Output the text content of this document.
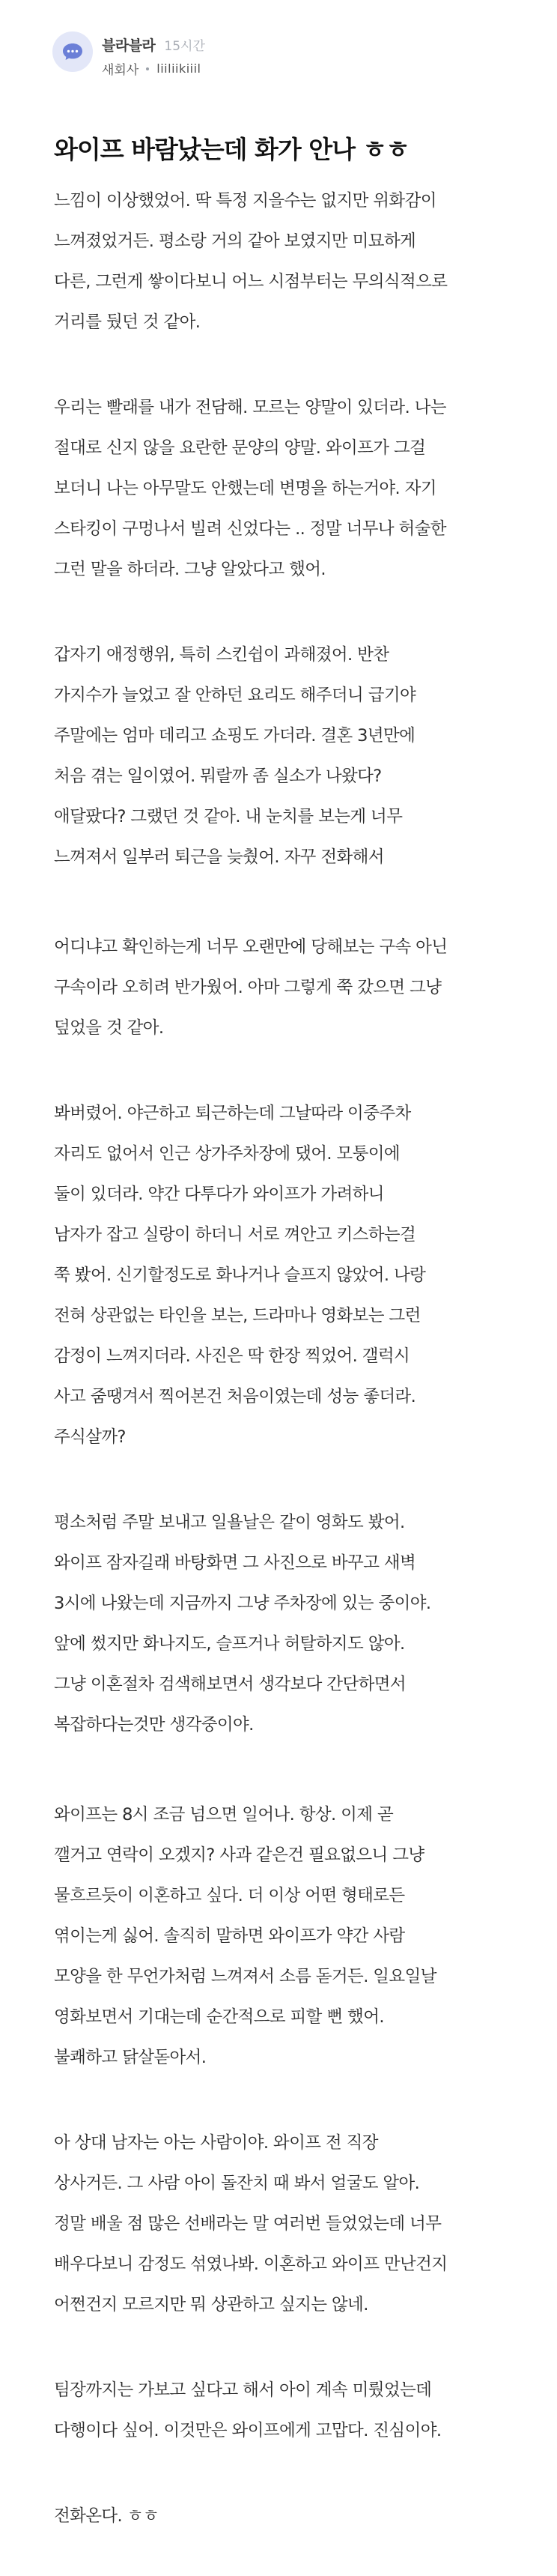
블라블라 15시간
새회사 liiliikiiil
와이프 바람났는데 화가 안나 ㅎㅎ
느낌이 이상했었어. 딱 특정 지을수는 없지만 위화감이
느껴졌었거든. 평소랑 거의 같아 보였지만 미묘하게
다른, 그런게 쌓이다보니 어느 시점부터는 무의식적으로
거리를 뒀던 것 같아.
우리는 빨래를 내가 전담해. 모르는 양말이 있더라. 나는
절대로 신지 않을 요란한 문양의 양말. 와이프가 그걸
보더니 나는 아무말도 안했는데 변명을 하는거야. 자기
스타킹이 구멍나서 빌려 신었다는 .. 정말 너무나 허술한
그런 말을 하더라. 그냥 알았다고 했어.
갑자기 애정행위, 특히 스킨쉽이 과해졌어. 반찬
가지수가 늘었고 잘 안하던 요리도 해주더니 급기야
주말에는 엄마 데리고 쇼핑도 가더라. 결혼 3년만에
처음 겪는 일이였어. 뭐랄까 좀 실소가 나왔다?
애달팠다? 그랬던 것 같아. 내 눈치를 보는게 너무
느껴져서 일부러 퇴근을 늦췄어. 자꾸 전화해서
어디냐고 확인하는게 너무 오랜만에 당해보는 구속 아닌
구속이라 오히려 반가웠어. 아마 그렇게 쭉 갔으면 그냥
덮었을 것 같아.
봐버렸어. 야근하고 퇴근하는데 그날따라 이중주차
자리도 없어서 인근 상가주차장에 댔어. 모퉁이에
둘이 있더라. 약간 다투다가 와이프가 가려하니
남자가 잡고 실랑이 하더니 서로 껴안고 키스하는걸
쭉 봤어. 신기할정도로 화나거나 슬프지 않았어. 나랑
전혀 상관없는 타인을 보는, 드라마나 영화보는 그런
감정이 느껴지더라. 사진은 딱 한장 찍었어. 갤럭시
사고 줌땡겨서 찍어본건 처음이였는데 성능 좋더라.
주식살까?
평소처럼 주말 보내고 일욜날은 같이 영화도 봤어.
와이프 잠자길래 바탕화면 그 사진으로 바꾸고 새벽
3시에 나왔는데 지금까지 그냥 주차장에 있는 중이야.
앞에 썼지만 화나지도, 슬프거나 허탈하지도 않아.
그냥 이혼절차 검색해보면서 생각보다 간단하면서
복잡하다는것만 생각중이야.
와이프는 8시 조금 넘으면 일어나. 항상. 이제 곧
깰거고 연락이 오겠지? 사과 같은건 필요없으니 그냥
물흐르듯이 이혼하고 싶다. 더 이상 어떤 형태로든
엮이는게 싫어. 솔직히 말하면 와이프가 약간 사람
모양을 한 무언가처럼 느껴져서 소름 돋거든. 일요일날
영화보면서 기대는데 순간적으로 피할 뻔 했어.
불쾌하고 닭살돋아서.
아 상대 남자는 아는 사람이야. 와이프 전 직장
상사거든. 그 사람 아이 돌잔치 때 봐서 얼굴도 알아.
정말 배울 점 많은 선배라는 말 여러번 들었었는데 너무
배우다보니 감정도 섞였나봐. 이혼하고 와이프 만난건지
어쩐건지 모르지만 뭐 상관하고 싶지는 않네.
팀장까지는 가보고 싶다고 해서 아이 계속 미뤘었는데
다행이다 싶어. 이것만은 와이프에게 고맙다. 진심이야.
전화온다. ㅎㅎ
